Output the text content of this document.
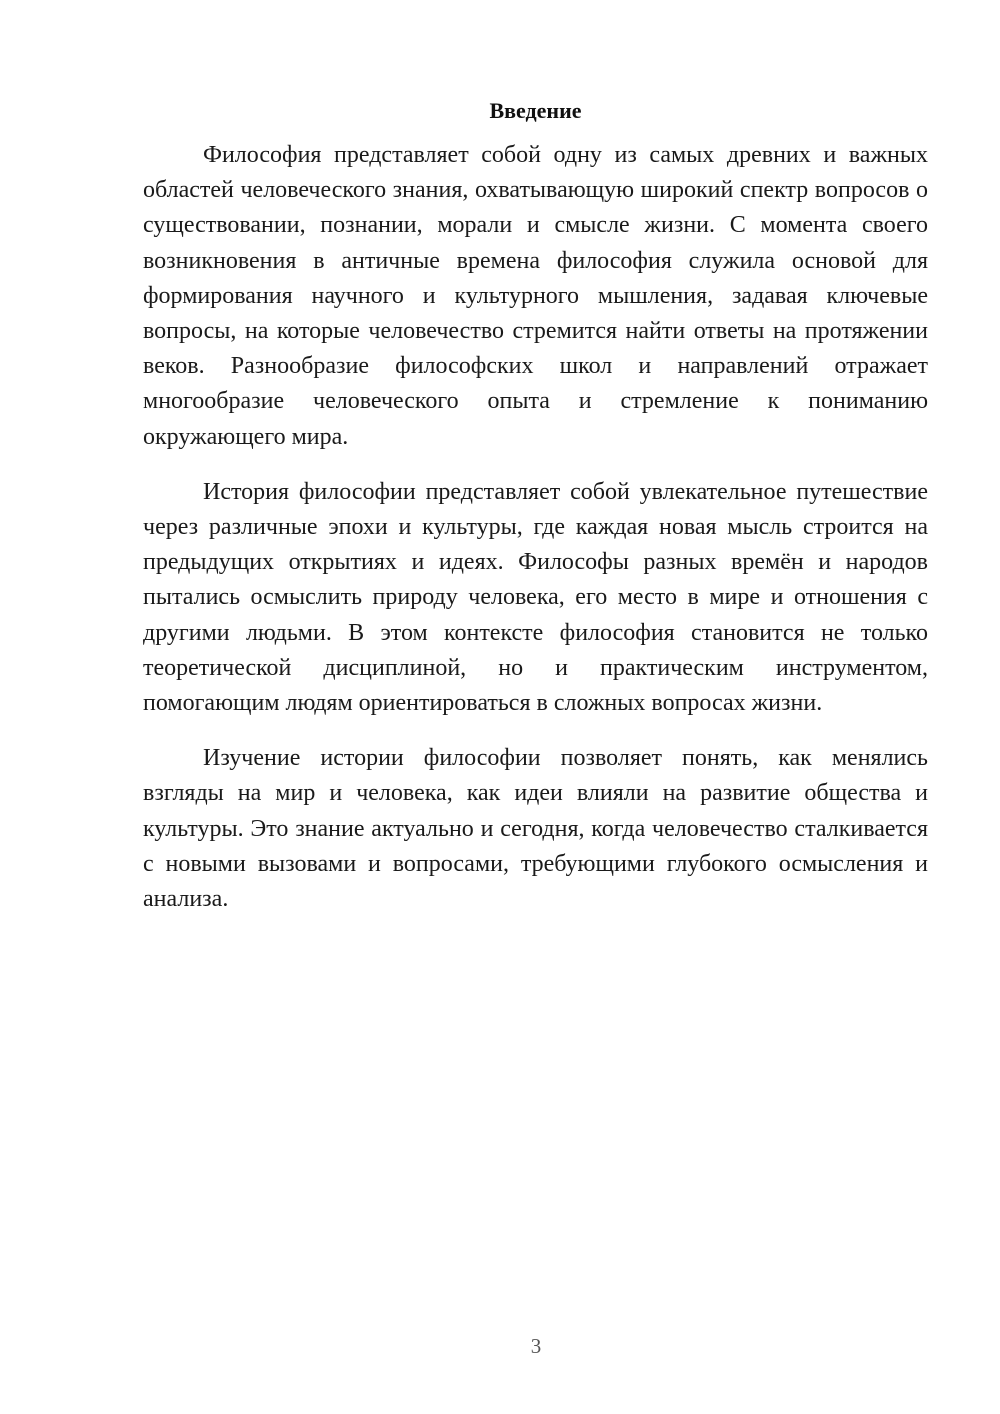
Введение

Философия представляет собой одну из самых древних и важных областей человеческого знания, охватывающую широкий спектр вопросов о существовании, познании, морали и смысле жизни. С момента своего возникновения в античные времена философия служила основой для формирования научного и культурного мышления, задавая ключевые вопросы, на которые человечество стремится найти ответы на протяжении веков. Разнообразие философских школ и направлений отражает многообразие человеческого опыта и стремление к пониманию окружающего мира.

История философии представляет собой увлекательное путешествие через различные эпохи и культуры, где каждая новая мысль строится на предыдущих открытиях и идеях. Философы разных времён и народов пытались осмыслить природу человека, его место в мире и отношения с другими людьми. В этом контексте философия становится не только теоретической дисциплиной, но и практическим инструментом, помогающим людям ориентироваться в сложных вопросах жизни.

Изучение истории философии позволяет понять, как менялись взгляды на мир и человека, как идеи влияли на развитие общества и культуры. Это знание актуально и сегодня, когда человечество сталкивается с новыми вызовами и вопросами, требующими глубокого осмысления и анализа.

3
